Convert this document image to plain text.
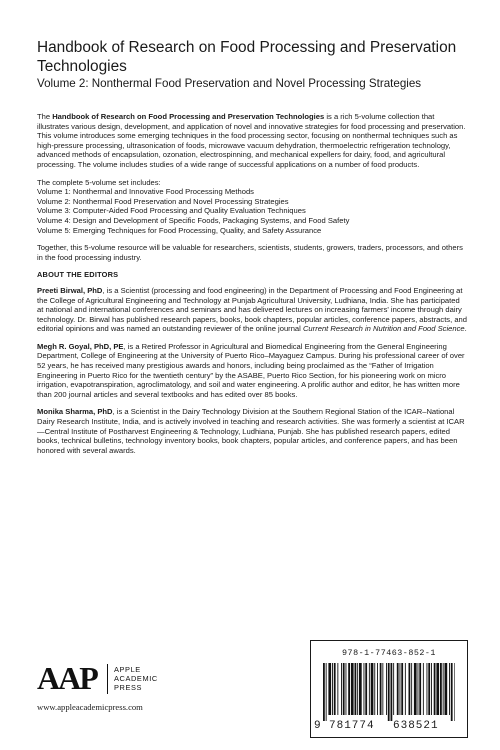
Handbook of Research on Food Processing and Preservation Technologies
Volume 2: Nonthermal Food Preservation and Novel Processing Strategies

The Handbook of Research on Food Processing and Preservation Technologies is a rich 5-volume collection that illustrates various design, development, and application of novel and innovative strategies for food processing and preservation. This volume introduces some emerging techniques in the food processing sector, focusing on nonthermal techniques such as high-pressure processing, ultrasonication of foods, microwave vacuum dehydration, thermoelectric refrigeration technology, advanced methods of encapsulation, ozonation, electrospinning, and mechanical expellers for dairy, food, and agricultural processing. The volume includes studies of a wide range of successful applications on a number of food products.

The complete 5-volume set includes:
Volume 1: Nonthermal and Innovative Food Processing Methods
Volume 2: Nonthermal Food Preservation and Novel Processing Strategies
Volume 3: Computer-Aided Food Processing and Quality Evaluation Techniques
Volume 4: Design and Development of Specific Foods, Packaging Systems, and Food Safety
Volume 5: Emerging Techniques for Food Processing, Quality, and Safety Assurance

Together, this 5-volume resource will be valuable for researchers, scientists, students, growers, traders, processors, and others in the food processing industry.

ABOUT THE EDITORS

Preeti Birwal, PhD, is a Scientist (processing and food engineering) in the Department of Processing and Food Engineering at the College of Agricultural Engineering and Technology at Punjab Agricultural University, Ludhiana, India. She has participated at national and international conferences and seminars and has delivered lectures on increasing farmers' income through dairy technology. Dr. Birwal has published research papers, books, book chapters, popular articles, conference papers, abstracts, and editorial opinions and was named an outstanding reviewer of the online journal Current Research in Nutrition and Food Science.

Megh R. Goyal, PhD, PE, is a Retired Professor in Agricultural and Biomedical Engineering from the General Engineering Department, College of Engineering at the University of Puerto Rico–Mayaguez Campus. During his professional career of over 52 years, he has received many prestigious awards and honors, including being proclaimed as the “Father of Irrigation Engineering in Puerto Rico for the twentieth century” by the ASABE, Puerto Rico Section, for his pioneering work on micro irrigation, evapotranspiration, agroclimatology, and soil and water engineering. A prolific author and editor, he has written more than 200 journal articles and several textbooks and has edited over 85 books.

Monika Sharma, PhD, is a Scientist in the Dairy Technology Division at the Southern Regional Station of the ICAR–National Dairy Research Institute, India, and is actively involved in teaching and research activities. She was formerly a scientist at ICAR—Central Institute of Postharvest Engineering & Technology, Ludhiana, Punjab. She has published research papers, edited books, technical bulletins, technology inventory books, book chapters, popular articles, and conference papers, and has been honored with several awards.

AAP APPLE
ACADEMIC
PRESS
www.appleacademicpress.com
978-1-77463-852-1
9 781774 638521
